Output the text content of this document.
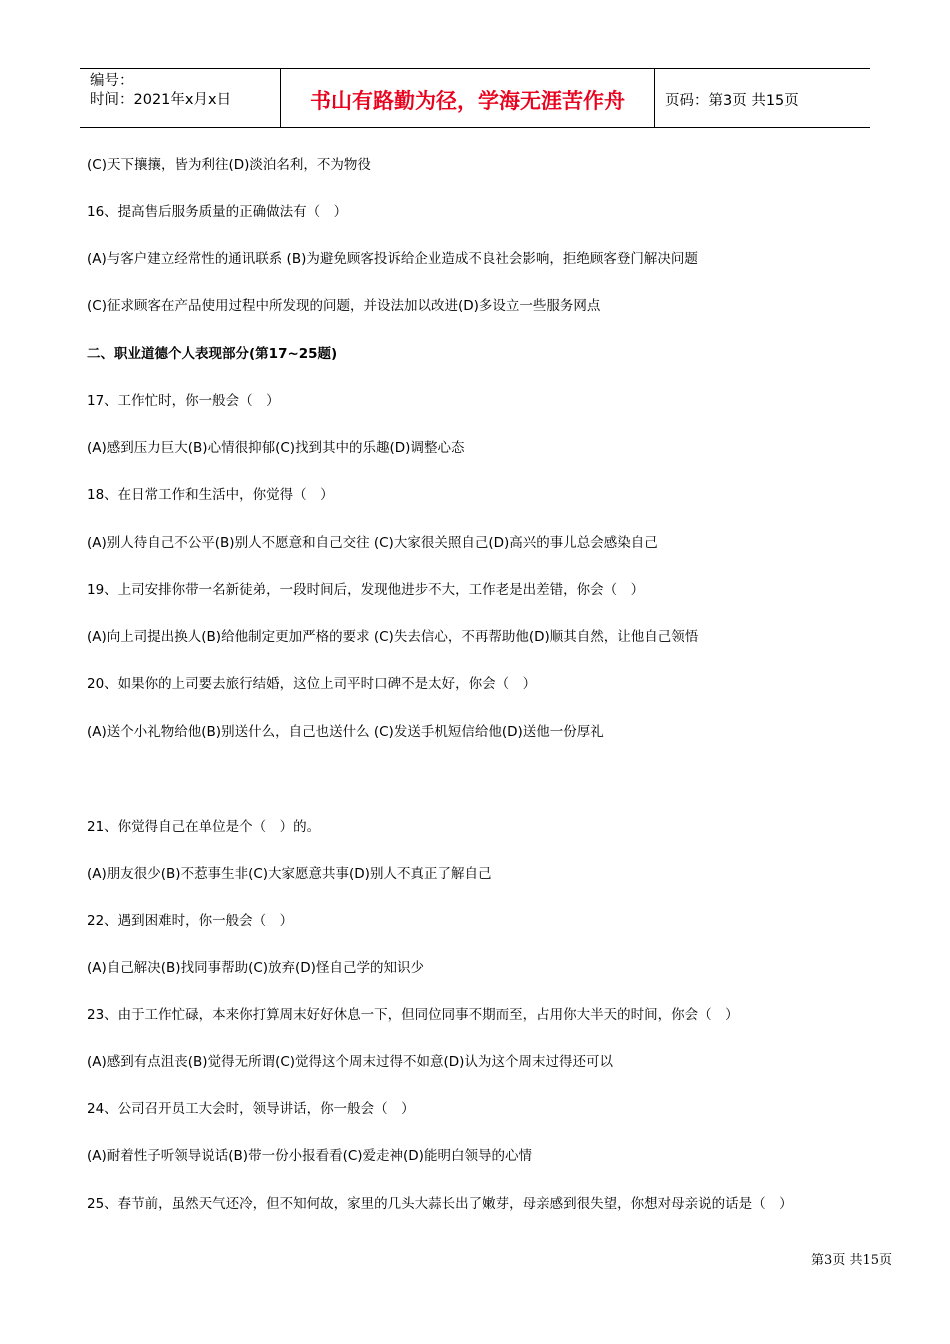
编号：
时间：2021年x月x日	书山有路勤为径，学海无涯苦作舟	页码：第3页 共15页
(C)天下攘攘，皆为利往(D)淡泊名利，不为物役
16、提高售后服务质量的正确做法有（　）
(A)与客户建立经常性的通讯联系 (B)为避免顾客投诉给企业造成不良社会影响，拒绝顾客登门解决问题
(C)征求顾客在产品使用过程中所发现的问题，并设法加以改进(D)多设立一些服务网点
二、职业道德个人表现部分(第17~25题)
17、工作忙时，你一般会（　）
(A)感到压力巨大(B)心情很抑郁(C)找到其中的乐趣(D)调整心态
18、在日常工作和生活中，你觉得（　）
(A)别人待自己不公平(B)别人不愿意和自己交往 (C)大家很关照自己(D)高兴的事儿总会感染自己
19、上司安排你带一名新徒弟，一段时间后，发现他进步不大，工作老是出差错，你会（　）
(A)向上司提出换人(B)给他制定更加严格的要求 (C)失去信心，不再帮助他(D)顺其自然，让他自己领悟
20、如果你的上司要去旅行结婚，这位上司平时口碑不是太好，你会（　）
(A)送个小礼物给他(B)别送什么，自己也送什么 (C)发送手机短信给他(D)送他一份厚礼
21、你觉得自己在单位是个（　）的。
(A)朋友很少(B)不惹事生非(C)大家愿意共事(D)别人不真正了解自己
22、遇到困难时，你一般会（　）
(A)自己解决(B)找同事帮助(C)放弃(D)怪自己学的知识少
23、由于工作忙碌，本来你打算周末好好休息一下，但同位同事不期而至，占用你大半天的时间，你会（　）
(A)感到有点沮丧(B)觉得无所谓(C)觉得这个周末过得不如意(D)认为这个周末过得还可以
24、公司召开员工大会时，领导讲话，你一般会（　）
(A)耐着性子听领导说话(B)带一份小报看看(C)爱走神(D)能明白领导的心情
25、春节前，虽然天气还冷，但不知何故，家里的几头大蒜长出了嫩芽，母亲感到很失望，你想对母亲说的话是（　）
第3页 共15页
